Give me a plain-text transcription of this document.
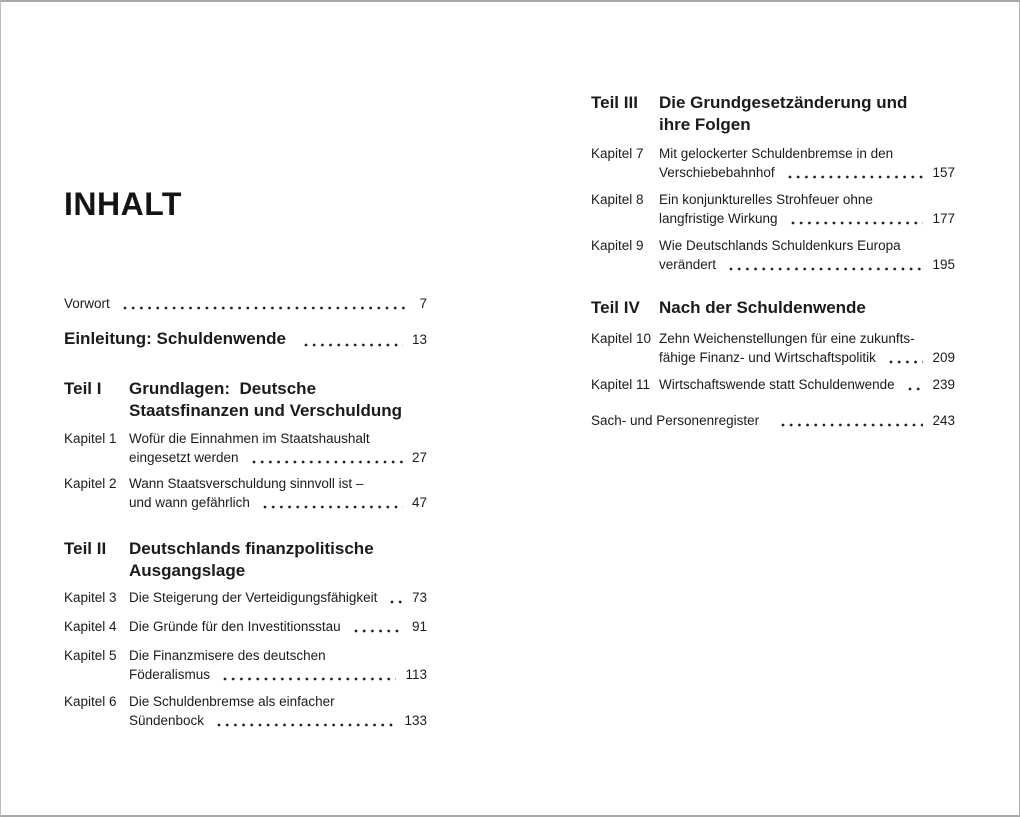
INHALT
Vorwort	7
Einleitung: Schuldenwende	13
Teil I	Grundlagen:  Deutsche
Staatsfinanzen und Verschuldung
Kapitel 1 Wofür die Einnahmen im Staatshaushalt
eingesetzt werden	27
Kapitel 2 Wann Staatsverschuldung sinnvoll ist –
und wann gefährlich	47
Teil II	Deutschlands finanzpolitische
Ausgangslage
Kapitel 3 Die Steigerung der Verteidigungsfähigkeit	73
Kapitel 4 Die Gründe für den Investitionsstau	91
Kapitel 5 Die Finanzmisere des deutschen
Föderalismus	113
Kapitel 6 Die Schuldenbremse als einfacher
Sündenbock	133
Teil III	Die Grundgesetzänderung und
ihre Folgen
Kapitel 7	Mit gelockerter Schuldenbremse in den
Verschiebebahnhof	157
Kapitel 8	Ein konjunkturelles Strohfeuer ohne
langfristige Wirkung	177
Kapitel 9	Wie Deutschlands Schuldenkurs Europa
verändert	195
Teil IV	Nach der Schuldenwende
Kapitel 10 Zehn Weichenstellungen für eine zukunfts-
fähige Finanz- und Wirtschaftspolitik	209
Kapitel 11 Wirtschaftswende statt Schuldenwende	239
Sach- und Personenregister	243
